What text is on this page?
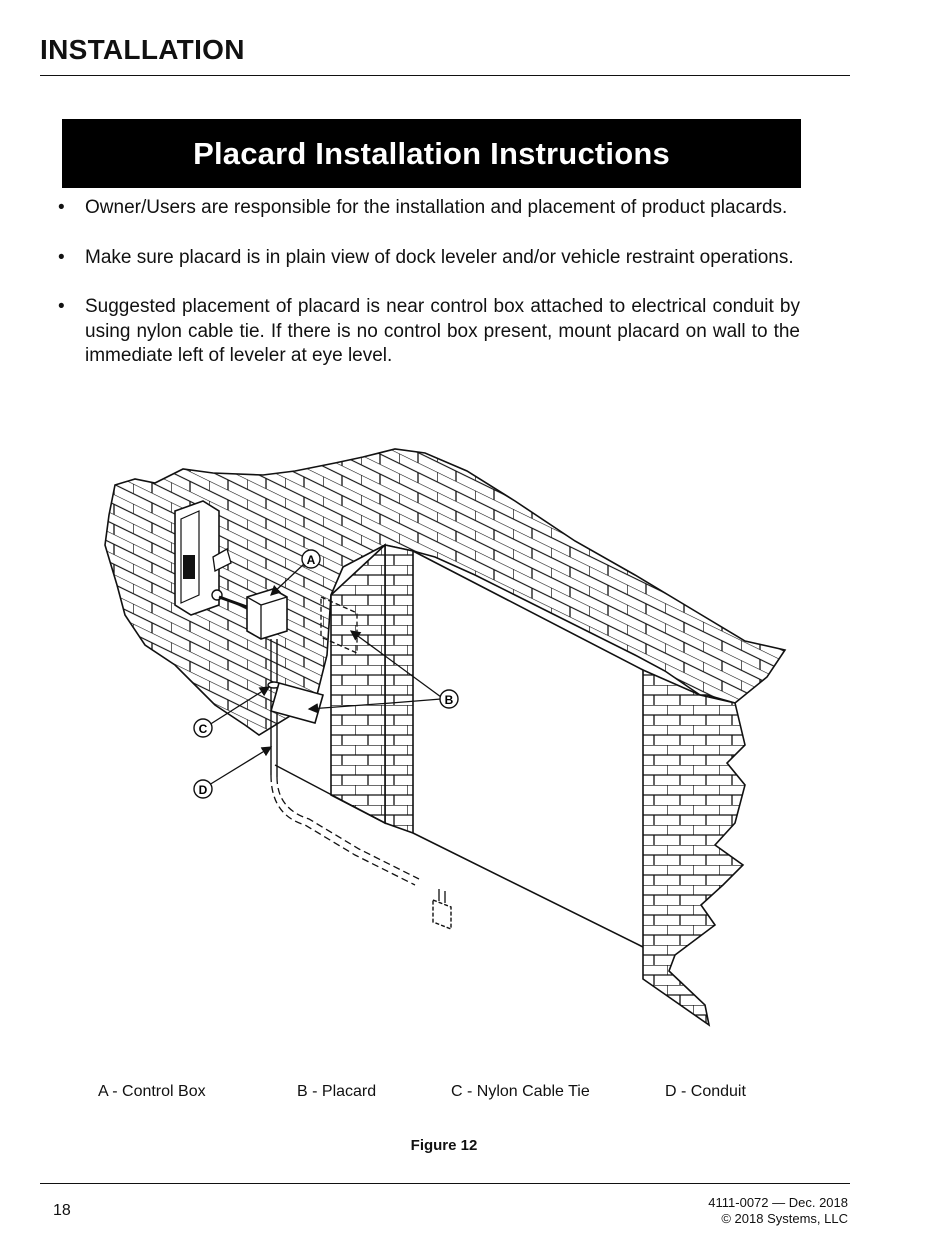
INSTALLATION
Placard Installation Instructions
• Owner/Users are responsible for the installation and placement of product placards.
• Make sure placard is in plain view of dock leveler and/or vehicle restraint operations.
• Suggested placement of placard is near control box attached to electrical conduit by using nylon cable tie. If there is no control box present, mount placard on wall to the immediate left of leveler at eye level.
A
B
C
D
A - Control Box	B - Placard	C - Nylon Cable Tie	D - Conduit
Figure 12
18	4111-0072 — Dec. 2018
© 2018 Systems, LLC
